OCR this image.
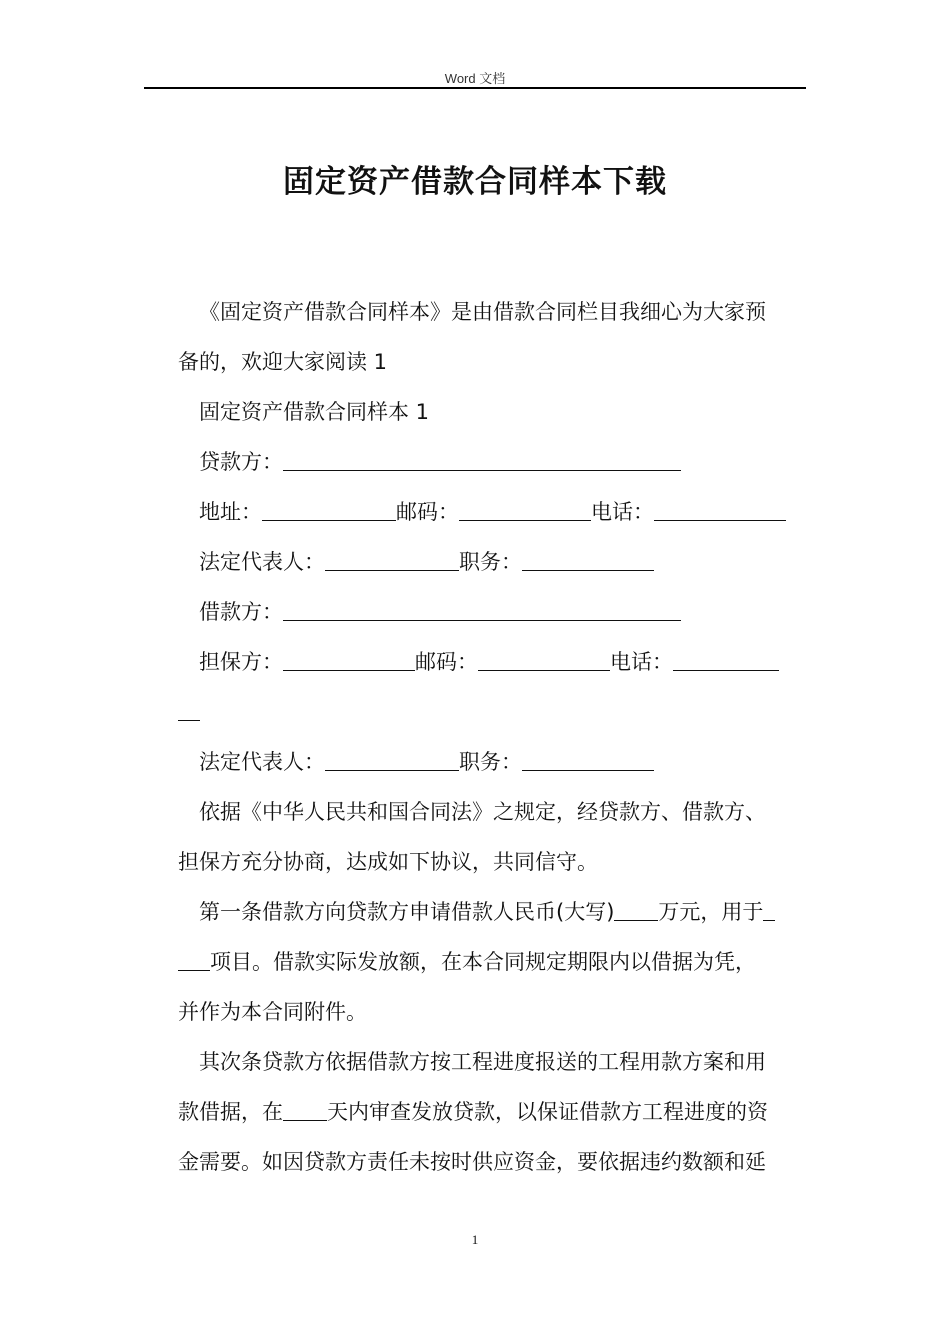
Word 文档
固定资产借款合同样本下载
《固定资产借款合同样本》是由借款合同栏目我细心为大家预
备的，欢迎大家阅读 1
固定资产借款合同样本 1
贷款方：
地址：	邮码：	电话：
法定代表人：	职务：
借款方：
担保方：	邮码：	电话：
法定代表人：	职务：
依据《中华人民共和国合同法》之规定，经贷款方、借款方、
担保方充分协商，达成如下协议，共同信守。
第一条借款方向贷款方申请借款人民币(大写) 万元，用于
项目。借款实际发放额，在本合同规定期限内以借据为凭，
并作为本合同附件。
其次条贷款方依据借款方按工程进度报送的工程用款方案和用
款借据，在 天内审查发放贷款，以保证借款方工程进度的资
金需要。如因贷款方责任未按时供应资金，要依据违约数额和延
1
